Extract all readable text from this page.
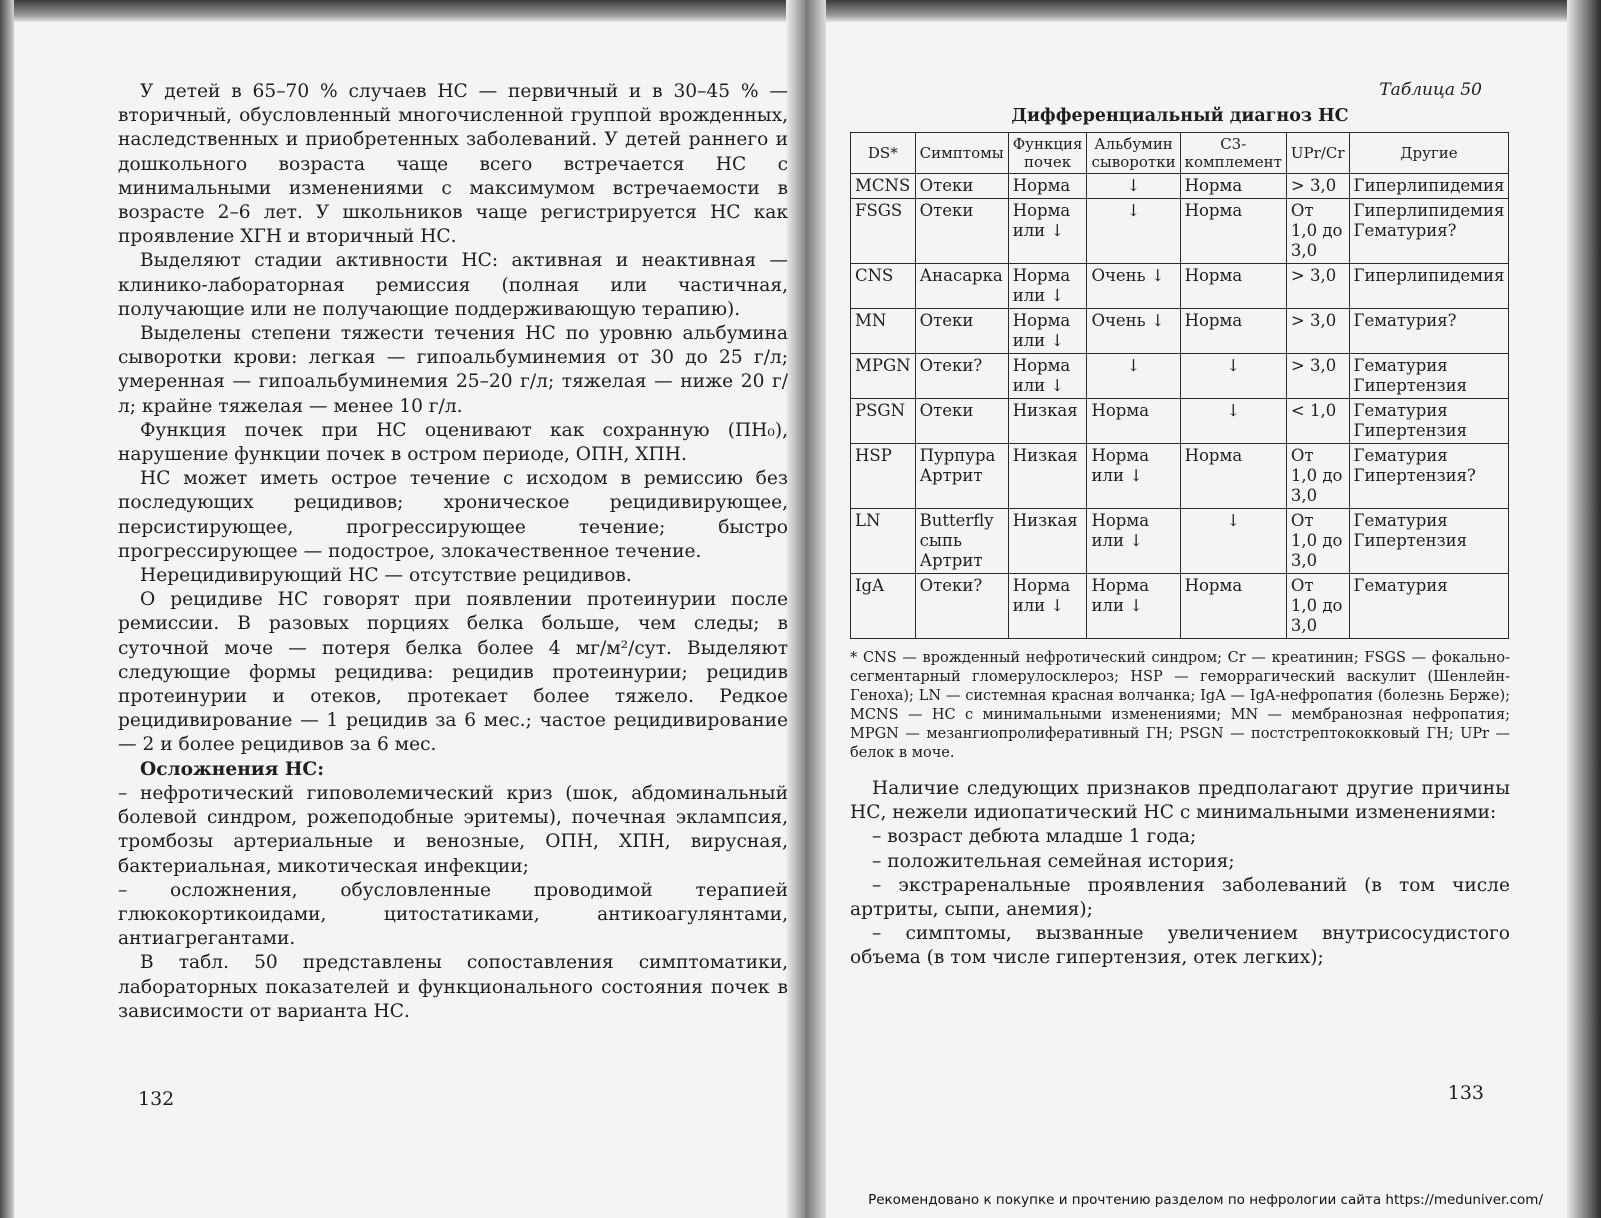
У детей в 65–70 % случаев НС — первичный и в 30–45 % — вторичный, обусловленный многочисленной группой врожденных, наследственных и приобретенных заболеваний. У детей раннего и дошкольного возраста чаще всего встречается НС с минимальными изменениями с максимумом встречаемости в возрасте 2–6 лет. У школьников чаще регистрируется НС как проявление ХГН и вторичный НС.

Выделяют стадии активности НС: активная и неактивная — клинико-лабораторная ремиссия (полная или частичная, получающие или не получающие поддерживающую терапию).

Выделены степени тяжести течения НС по уровню альбумина сыворотки крови: легкая — гипоальбуминемия от 30 до 25 г/л; умеренная — гипоальбуминемия 25–20 г/л; тяжелая — ниже 20 г/л; крайне тяжелая — менее 10 г/л.

Функция почек при НС оценивают как сохранную (ПН₀), нарушение функции почек в остром периоде, ОПН, ХПН.

НС может иметь острое течение с исходом в ремиссию без последующих рецидивов; хроническое рецидивирующее, персистирующее, прогрессирующее течение; быстро прогрессирующее — подострое, злокачественное течение.

Нерецидивирующий НС — отсутствие рецидивов.

О рецидиве НС говорят при появлении протеинурии после ремиссии. В разовых порциях белка больше, чем следы; в суточной моче — потеря белка более 4 мг/м²/сут. Выделяют следующие формы рецидива: рецидив протеинурии; рецидив протеинурии и отеков, протекает более тяжело. Редкое рецидивирование — 1 рецидив за 6 мес.; частое рецидивирование — 2 и более рецидивов за 6 мес.

Осложнения НС:

– нефротический гиповолемический криз (шок, абдоминальный болевой синдром, рожеподобные эритемы), почечная эклампсия, тромбозы артериальные и венозные, ОПН, ХПН, вирусная, бактериальная, микотическая инфекции;

– осложнения, обусловленные проводимой терапией глюкокортикоидами, цитостатиками, антикоагулянтами, антиагрегантами.

В табл. 50 представлены сопоставления симптоматики, лабораторных показателей и функционального состояния почек в зависимости от варианта НС.

132
Таблица 50
Дифференциальный диагноз НС
DS*	Симптомы	Функция почек	Альбумин сыворотки	С3-комплемент	UPr/Cr	Другие
MCNS	Отеки	Норма	↓	Норма	> 3,0	Гиперлипидемия
FSGS	Отеки	Норма или ↓	↓	Норма	От 1,0 до 3,0	Гиперлипидемия Гематурия?
CNS	Анасарка	Норма или ↓	Очень ↓	Норма	> 3,0	Гиперлипидемия
MN	Отеки	Норма или ↓	Очень ↓	Норма	> 3,0	Гематурия?
MPGN	Отеки?	Норма или ↓	↓	↓	> 3,0	Гематурия Гипертензия
PSGN	Отеки	Низкая	Норма	↓	< 1,0	Гематурия Гипертензия
HSP	Пурпура Артрит	Низкая	Норма или ↓	Норма	От 1,0 до 3,0	Гематурия Гипертензия?
LN	Butterfly сыпь Артрит	Низкая	Норма или ↓	↓	От 1,0 до 3,0	Гематурия Гипертензия
IgA	Отеки?	Норма или ↓	Норма или ↓	Норма	От 1,0 до 3,0	Гематурия
* CNS — врожденный нефротический синдром; Cr — креатинин; FSGS — фокально-сегментарный гломерулосклероз; HSP — геморрагический васкулит (Шенлейн-Геноха); LN — системная красная волчанка; IgA — IgA-нефропатия (болезнь Берже); MCNS — НС с минимальными изменениями; MN — мембранозная нефропатия; MPGN — мезангиопролиферативный ГН; PSGN — постстрептококковый ГН; UPr — белок в моче.

Наличие следующих признаков предполагают другие причины НС, нежели идиопатический НС с минимальными изменениями:

– возраст дебюта младше 1 года;

– положительная семейная история;

– экстраренальные проявления заболеваний (в том числе артриты, сыпи, анемия);

– симптомы, вызванные увеличением внутрисосудистого объема (в том числе гипертензия, отек легких);

133
Рекомендовано к покупке и прочтению разделом по нефрологии сайта https://meduniver.com/
